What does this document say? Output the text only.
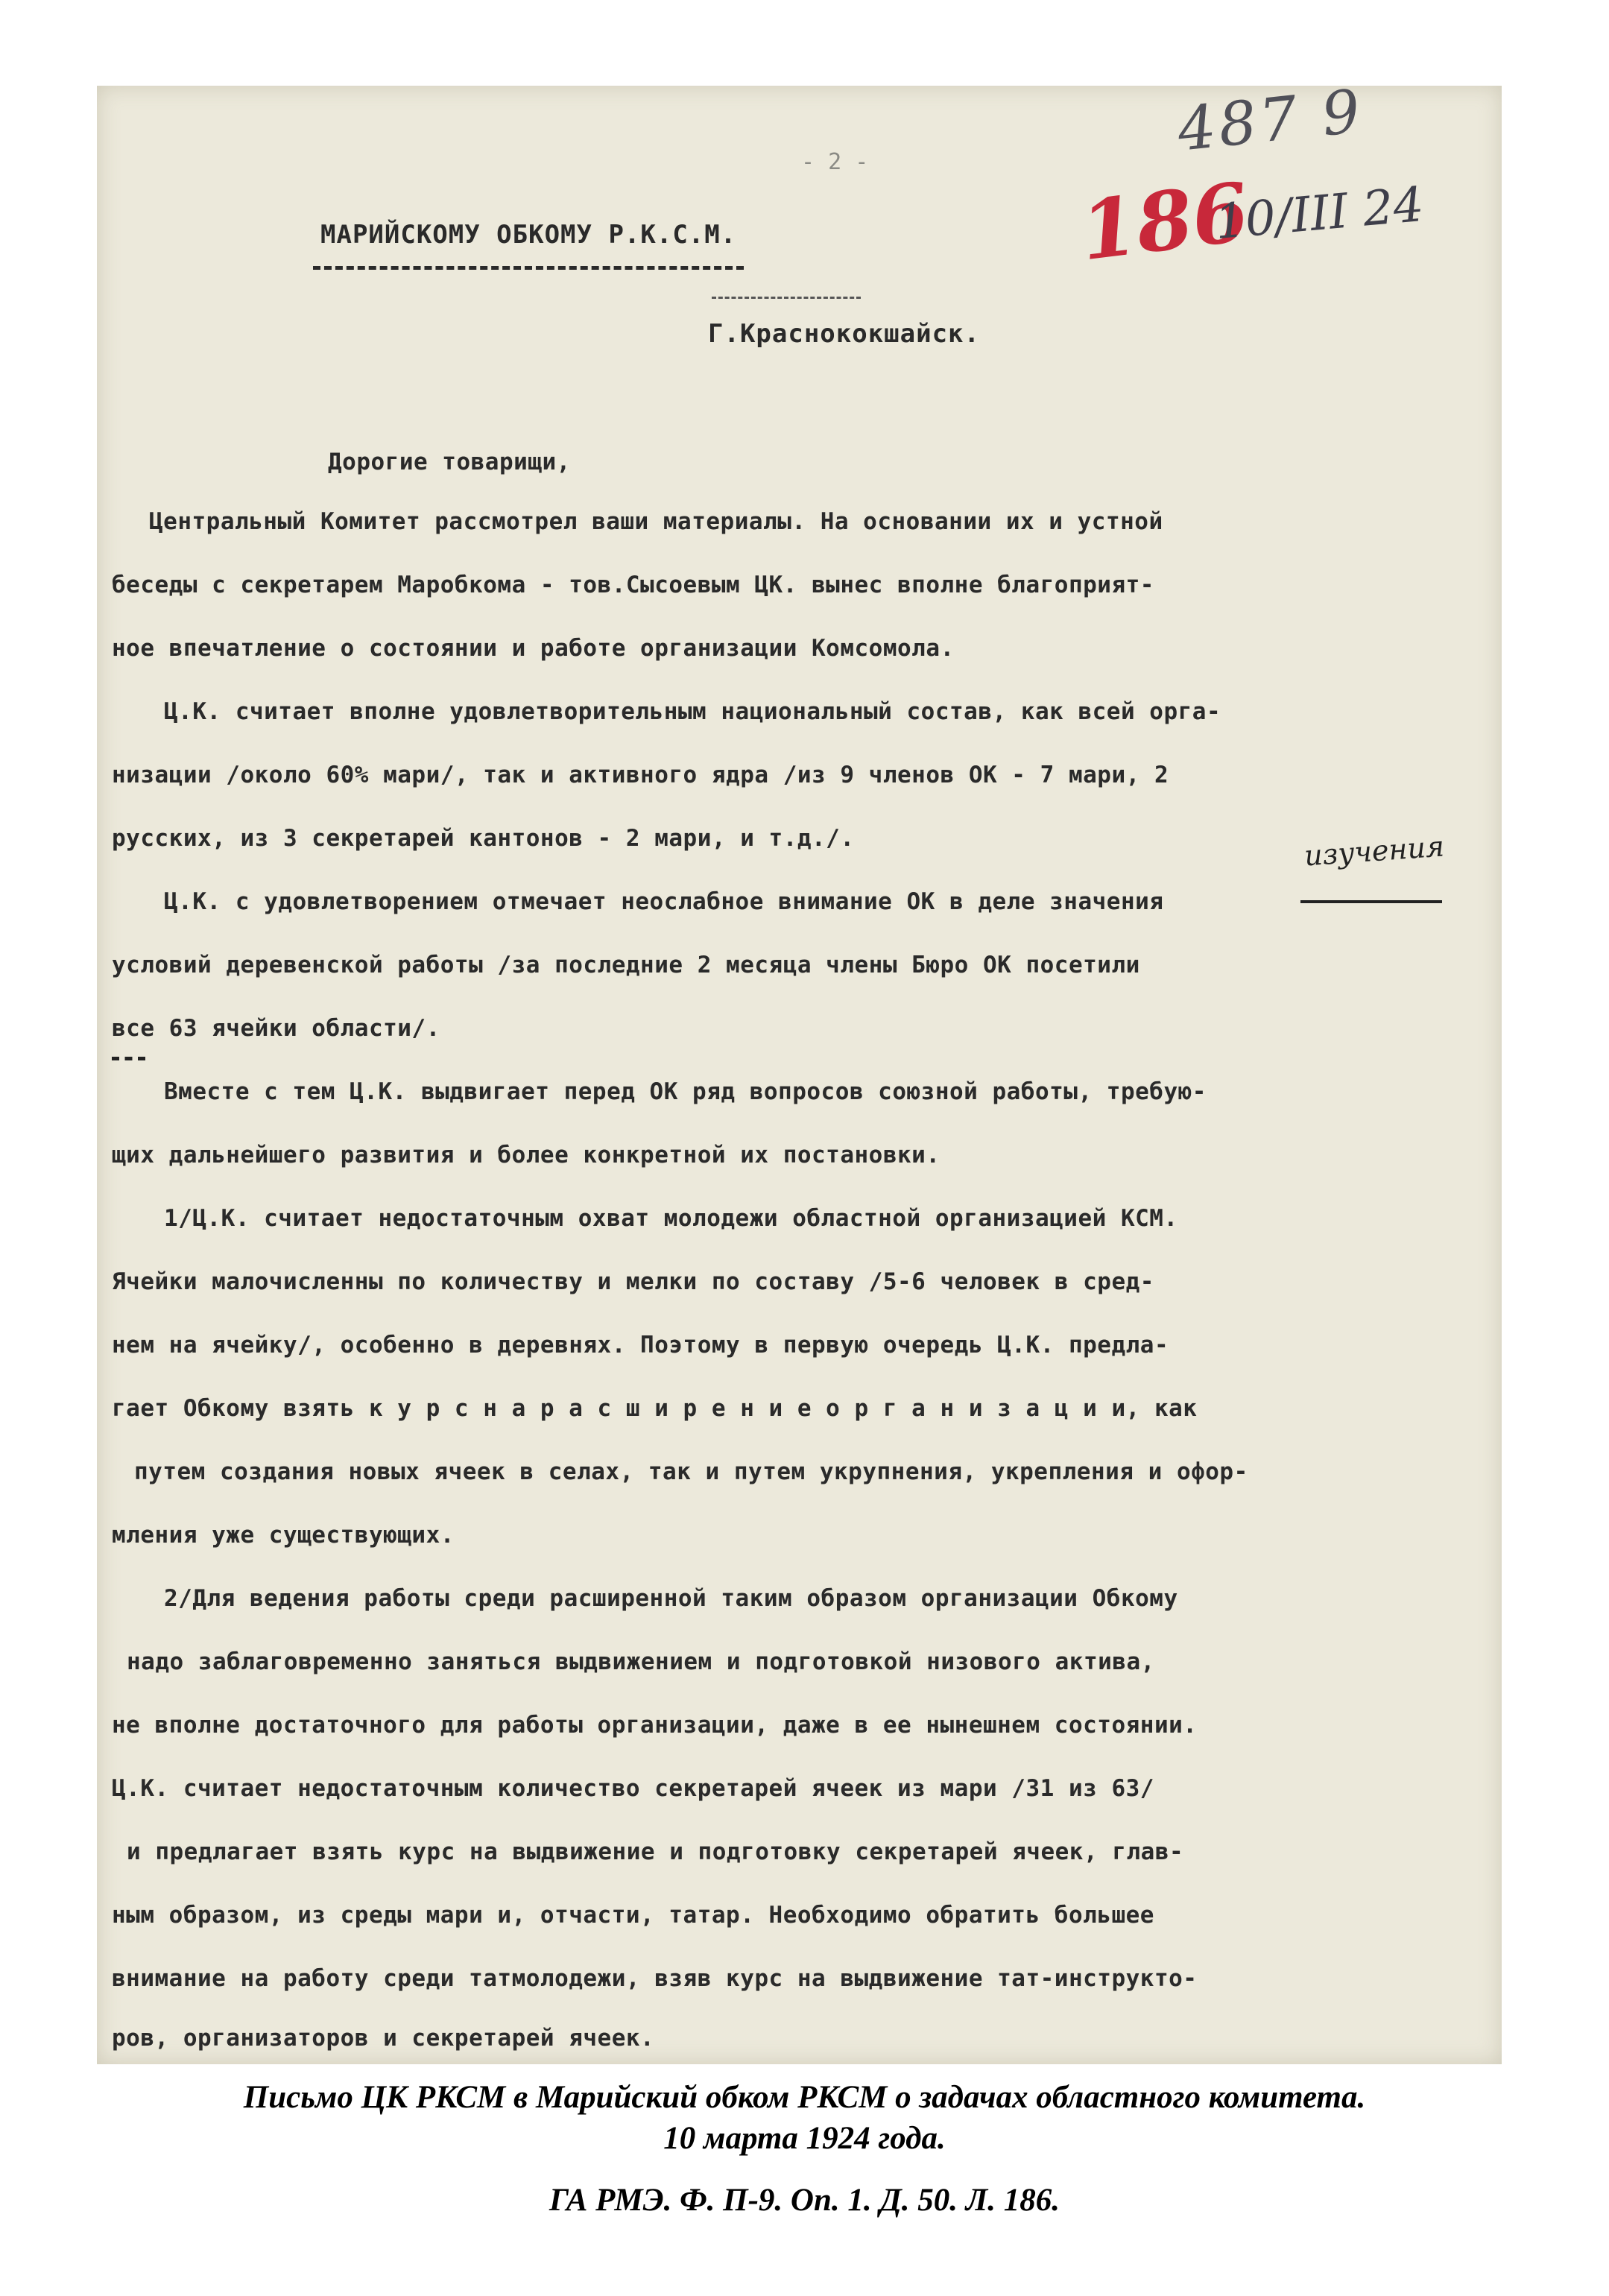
- 2 -	487 9
186
10/III 24
МАРИЙСКОМУ ОБКОМУ Р.К.С.М.
Г.Краснококшайск.
Дорогие товарищи,
Центральный Комитет рассмотрел ваши материалы. На основании их и устной
беседы с секретарем Маробкома - тов.Сысоевым ЦК. вынес вполне благоприят-
ное впечатление о состоянии и работе организации Комсомола.
Ц.К. считает вполне удовлетворительным национальный состав, как всей орга-
низации /около 60% мари/, так и активного ядра /из 9 членов ОК - 7 мари, 2
русских, из 3 секретарей кантонов - 2 мари, и т.д./.	изучения
Ц.К. с удовлетворением отмечает неослабное внимание ОК в деле значения
условий деревенской работы /за последние 2 месяца члены Бюро ОК посетили
все 63 ячейки области/.
Вместе с тем Ц.К. выдвигает перед ОК ряд вопросов союзной работы, требую-
щих дальнейшего развития и более конкретной их постановки.
1/Ц.К. считает недостаточным охват молодежи областной организацией КСМ.
Ячейки малочисленны по количеству и мелки по составу /5-6 человек в сред-
нем на ячейку/, особенно в деревнях. Поэтому в первую очередь Ц.К. предла-
гает Обкому взять к у р с н а р а с ш и р е н и е о р г а н и з а ц и и, как
путем создания новых ячеек в селах, так и путем укрупнения, укрепления и офор-
мления уже существующих.
2/Для ведения работы среди расширенной таким образом организации Обкому
надо заблаговременно заняться выдвижением и подготовкой низового актива,
не вполне достаточного для работы организации, даже в ее нынешнем состоянии.
Ц.К. считает недостаточным количество секретарей ячеек из мари /31 из 63/
и предлагает взять курс на выдвижение и подготовку секретарей ячеек, глав-
ным образом, из среды мари и, отчасти, татар. Необходимо обратить большее
внимание на работу среди татмолодежи, взяв курс на выдвижение тат-инструкто-
ров, организаторов и секретарей ячеек.
Письмо ЦК РКСМ в Марийский обком РКСМ о задачах областного комитета.
10 марта 1924 года.
ГА РМЭ. Ф. П-9. Оп. 1. Д. 50. Л. 186.
